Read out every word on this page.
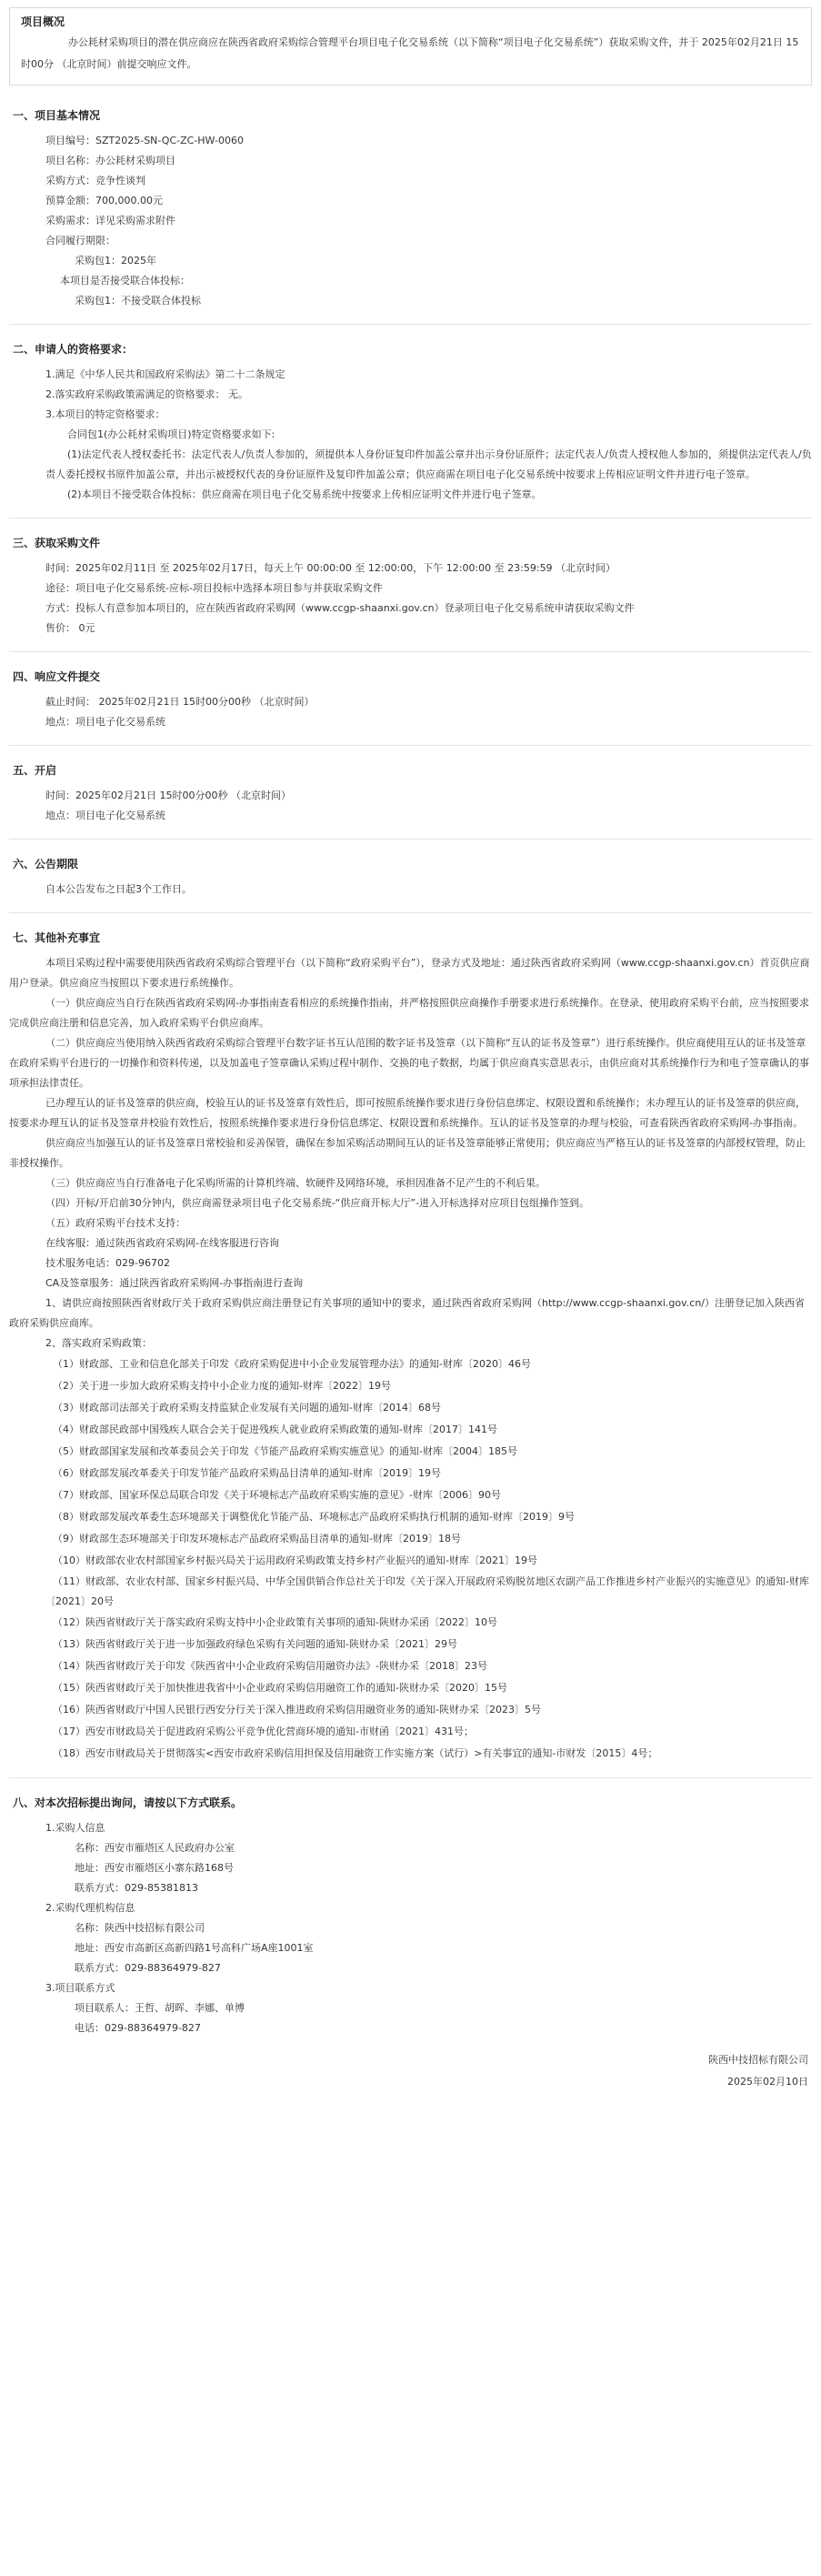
项目概况

办公耗材采购项目的潜在供应商应在陕西省政府采购综合管理平台项目电子化交易系统（以下简称“项目电子化交易系统”）获取采购文件，并于 2025年02月21日 15时00分 （北京时间）前提交响应文件。

一、项目基本情况

项目编号：SZT2025-SN-QC-ZC-HW-0060

项目名称：办公耗材采购项目

采购方式：竞争性谈判

预算金额：700,000.00元

采购需求：详见采购需求附件

合同履行期限：

采购包1：2025年

本项目是否接受联合体投标：

采购包1：不接受联合体投标

二、申请人的资格要求：

1.满足《中华人民共和国政府采购法》第二十二条规定

2.落实政府采购政策需满足的资格要求： 无。

3.本项目的特定资格要求：

合同包1(办公耗材采购项目)特定资格要求如下:

(1)法定代表人授权委托书：法定代表人/负责人参加的，须提供本人身份证复印件加盖公章并出示身份证原件；法定代表人/负责人授权他人参加的，须提供法定代表人/负责人委托授权书原件加盖公章，并出示被授权代表的身份证原件及复印件加盖公章；供应商需在项目电子化交易系统中按要求上传相应证明文件并进行电子签章。

(2)本项目不接受联合体投标：供应商需在项目电子化交易系统中按要求上传相应证明文件并进行电子签章。

三、获取采购文件

时间：2025年02月11日 至 2025年02月17日，每天上午 00:00:00 至 12:00:00，下午 12:00:00 至 23:59:59 （北京时间）

途径：项目电子化交易系统-应标-项目投标中选择本项目参与并获取采购文件

方式：投标人有意参加本项目的，应在陕西省政府采购网（www.ccgp-shaanxi.gov.cn）登录项目电子化交易系统申请获取采购文件

售价： 0元

四、响应文件提交

截止时间： 2025年02月21日 15时00分00秒 （北京时间）

地点：项目电子化交易系统

五、开启

时间：2025年02月21日 15时00分00秒 （北京时间）

地点：项目电子化交易系统

六、公告期限

自本公告发布之日起3个工作日。

七、其他补充事宜

本项目采购过程中需要使用陕西省政府采购综合管理平台（以下简称“政府采购平台”），登录方式及地址：通过陕西省政府采购网（www.ccgp-shaanxi.gov.cn）首页供应商用户登录。供应商应当按照以下要求进行系统操作。

（一）供应商应当自行在陕西省政府采购网-办事指南查看相应的系统操作指南，并严格按照供应商操作手册要求进行系统操作。在登录、使用政府采购平台前，应当按照要求完成供应商注册和信息完善，加入政府采购平台供应商库。

（二）供应商应当使用纳入陕西省政府采购综合管理平台数字证书互认范围的数字证书及签章（以下简称“互认的证书及签章”）进行系统操作。供应商使用互认的证书及签章在政府采购平台进行的一切操作和资料传递，以及加盖电子签章确认采购过程中制作、交换的电子数据，均属于供应商真实意思表示，由供应商对其系统操作行为和电子签章确认的事项承担法律责任。

已办理互认的证书及签章的供应商，校验互认的证书及签章有效性后，即可按照系统操作要求进行身份信息绑定、权限设置和系统操作；未办理互认的证书及签章的供应商，按要求办理互认的证书及签章并校验有效性后，按照系统操作要求进行身份信息绑定、权限设置和系统操作。互认的证书及签章的办理与校验，可查看陕西省政府采购网-办事指南。

供应商应当加强互认的证书及签章日常校验和妥善保管，确保在参加采购活动期间互认的证书及签章能够正常使用；供应商应当严格互认的证书及签章的内部授权管理，防止非授权操作。

（三）供应商应当自行准备电子化采购所需的计算机终端、软硬件及网络环境，承担因准备不足产生的不利后果。

（四）开标/开启前30分钟内，供应商需登录项目电子化交易系统-“供应商开标大厅”-进入开标选择对应项目包组操作签到。

（五）政府采购平台技术支持：

在线客服：通过陕西省政府采购网-在线客服进行咨询

技术服务电话：029-96702

CA及签章服务：通过陕西省政府采购网-办事指南进行查询

1、请供应商按照陕西省财政厅关于政府采购供应商注册登记有关事项的通知中的要求，通过陕西省政府采购网（http://www.ccgp-shaanxi.gov.cn/）注册登记加入陕西省政府采购供应商库。

2、落实政府采购政策：

（1）财政部、工业和信息化部关于印发《政府采购促进中小企业发展管理办法》的通知-财库〔2020〕46号

（2）关于进一步加大政府采购支持中小企业力度的通知-财库〔2022〕19号

（3）财政部司法部关于政府采购支持监狱企业发展有关问题的通知-财库〔2014〕68号

（4）财政部民政部中国残疾人联合会关于促进残疾人就业政府采购政策的通知-财库〔2017〕141号

（5）财政部国家发展和改革委员会关于印发《节能产品政府采购实施意见》的通知-财库〔2004〕185号

（6）财政部发展改革委关于印发节能产品政府采购品目清单的通知-财库〔2019〕19号

（7）财政部、国家环保总局联合印发《关于环境标志产品政府采购实施的意见》-财库〔2006〕90号

（8）财政部发展改革委生态环境部关于调整优化节能产品、环境标志产品政府采购执行机制的通知-财库〔2019〕9号

（9）财政部生态环境部关于印发环境标志产品政府采购品目清单的通知-财库〔2019〕18号

（10）财政部农业农村部国家乡村振兴局关于运用政府采购政策支持乡村产业振兴的通知-财库〔2021〕19号

（11）财政部、农业农村部、国家乡村振兴局、中华全国供销合作总社关于印发《关于深入开展政府采购脱贫地区农副产品工作推进乡村产业振兴的实施意见》的通知-财库〔2021〕20号

（12）陕西省财政厅关于落实政府采购支持中小企业政策有关事项的通知-陕财办采函〔2022〕10号

（13）陕西省财政厅关于进一步加强政府绿色采购有关问题的通知-陕财办采〔2021〕29号

（14）陕西省财政厅关于印发《陕西省中小企业政府采购信用融资办法》-陕财办采〔2018〕23号

（15）陕西省财政厅关于加快推进我省中小企业政府采购信用融资工作的通知-陕财办采〔2020〕15号

（16）陕西省财政厅中国人民银行西安分行关于深入推进政府采购信用融资业务的通知-陕财办采〔2023〕5号

（17）西安市财政局关于促进政府采购公平竞争优化营商环境的通知-市财函〔2021〕431号；

（18）西安市财政局关于贯彻落实<西安市政府采购信用担保及信用融资工作实施方案（试行）>有关事宜的通知-市财发〔2015〕4号；

八、对本次招标提出询问，请按以下方式联系。

1.采购人信息

名称：西安市雁塔区人民政府办公室

地址：西安市雁塔区小寨东路168号

联系方式：029-85381813

2.采购代理机构信息

名称：陕西中技招标有限公司

地址：西安市高新区高新四路1号高科广场A座1001室

联系方式：029-88364979-827

3.项目联系方式

项目联系人：王哲、胡晖、李娜、单博

电话：029-88364979-827

陕西中技招标有限公司

2025年02月10日
